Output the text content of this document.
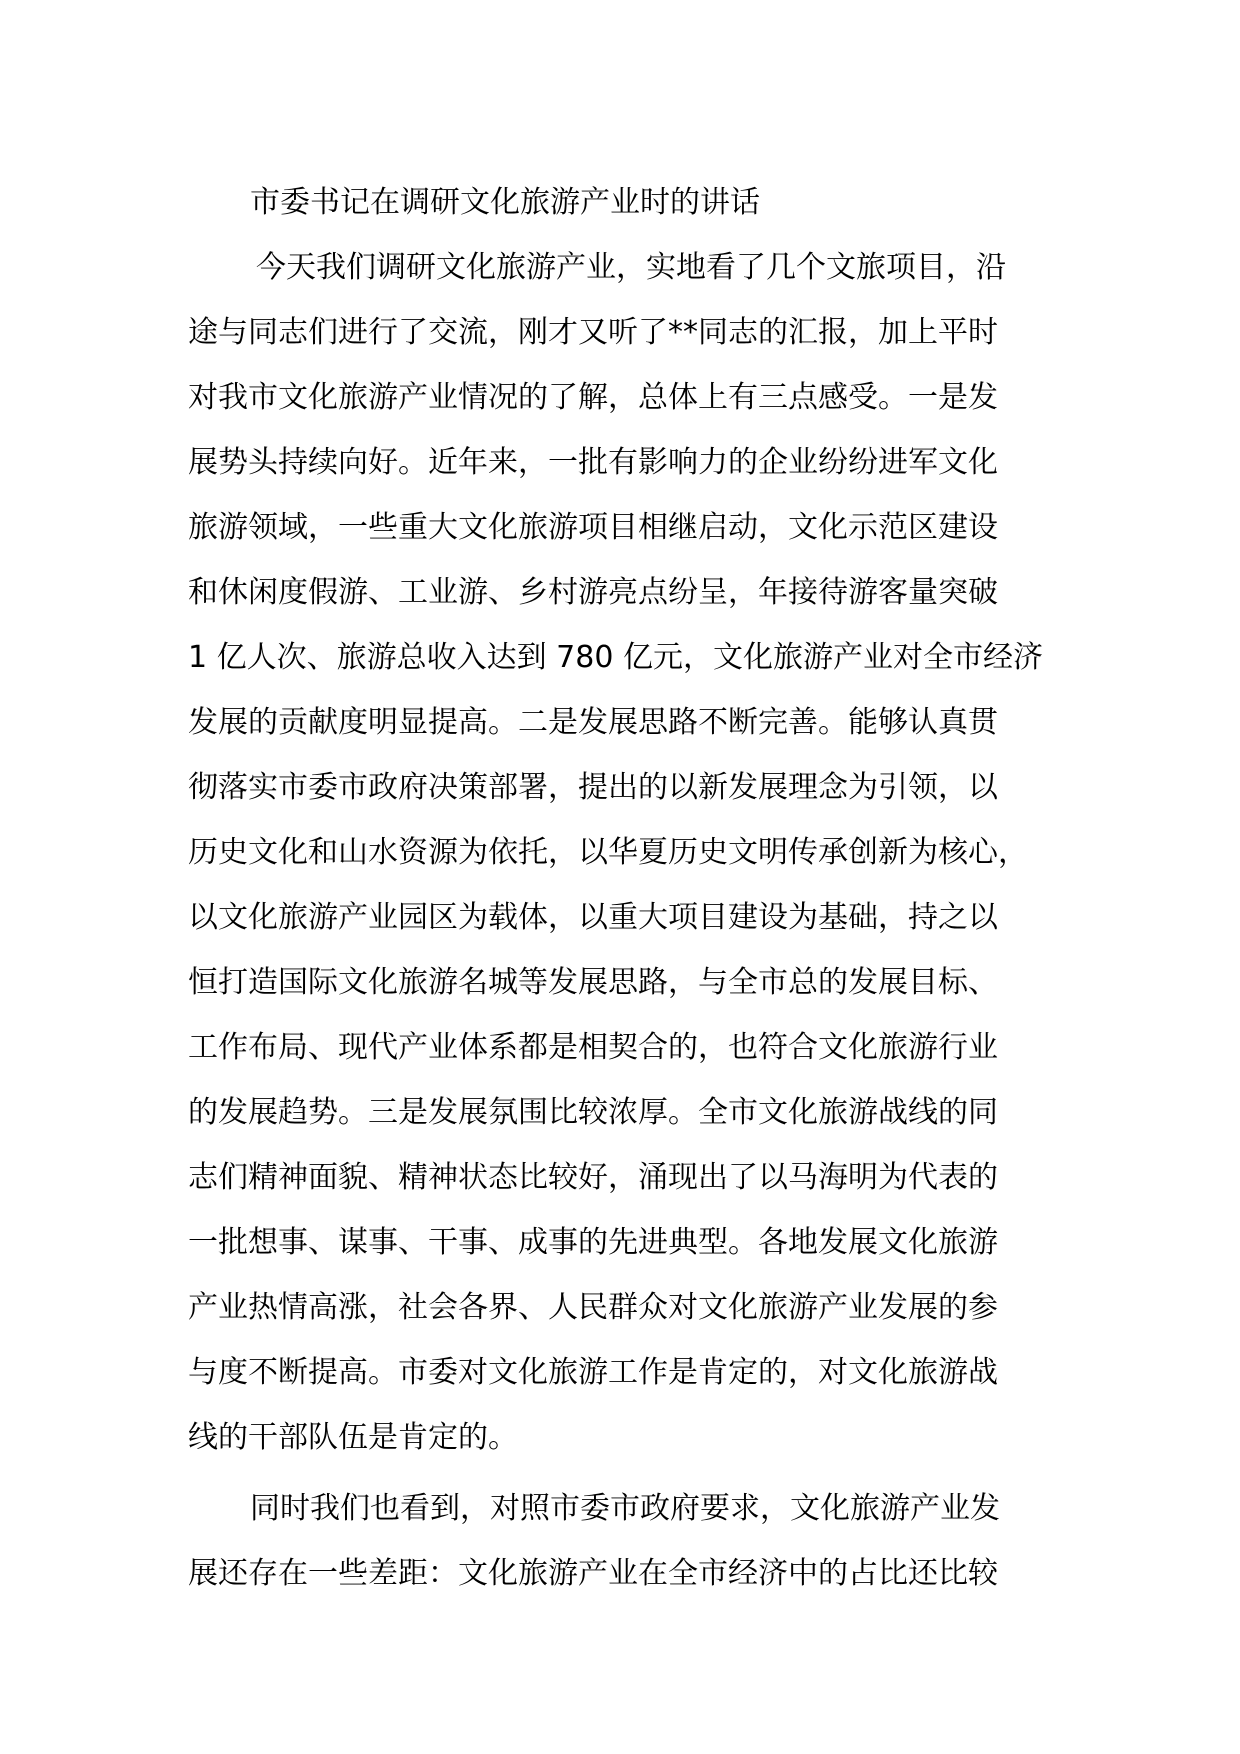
市委书记在调研文化旅游产业时的讲话
今天我们调研文化旅游产业，实地看了几个文旅项目，沿
途与同志们进行了交流，刚才又听了**同志的汇报，加上平时
对我市文化旅游产业情况的了解，总体上有三点感受。一是发
展势头持续向好。近年来，一批有影响力的企业纷纷进军文化
旅游领域，一些重大文化旅游项目相继启动，文化示范区建设
和休闲度假游、工业游、乡村游亮点纷呈，年接待游客量突破
1 亿人次、旅游总收入达到 780 亿元，文化旅游产业对全市经济
发展的贡献度明显提高。二是发展思路不断完善。能够认真贯
彻落实市委市政府决策部署，提出的以新发展理念为引领，以
历史文化和山水资源为依托，以华夏历史文明传承创新为核心，
以文化旅游产业园区为载体，以重大项目建设为基础，持之以
恒打造国际文化旅游名城等发展思路，与全市总的发展目标、
工作布局、现代产业体系都是相契合的，也符合文化旅游行业
的发展趋势。三是发展氛围比较浓厚。全市文化旅游战线的同
志们精神面貌、精神状态比较好，涌现出了以马海明为代表的
一批想事、谋事、干事、成事的先进典型。各地发展文化旅游
产业热情高涨，社会各界、人民群众对文化旅游产业发展的参
与度不断提高。市委对文化旅游工作是肯定的，对文化旅游战
线的干部队伍是肯定的。
同时我们也看到，对照市委市政府要求，文化旅游产业发
展还存在一些差距：文化旅游产业在全市经济中的占比还比较
